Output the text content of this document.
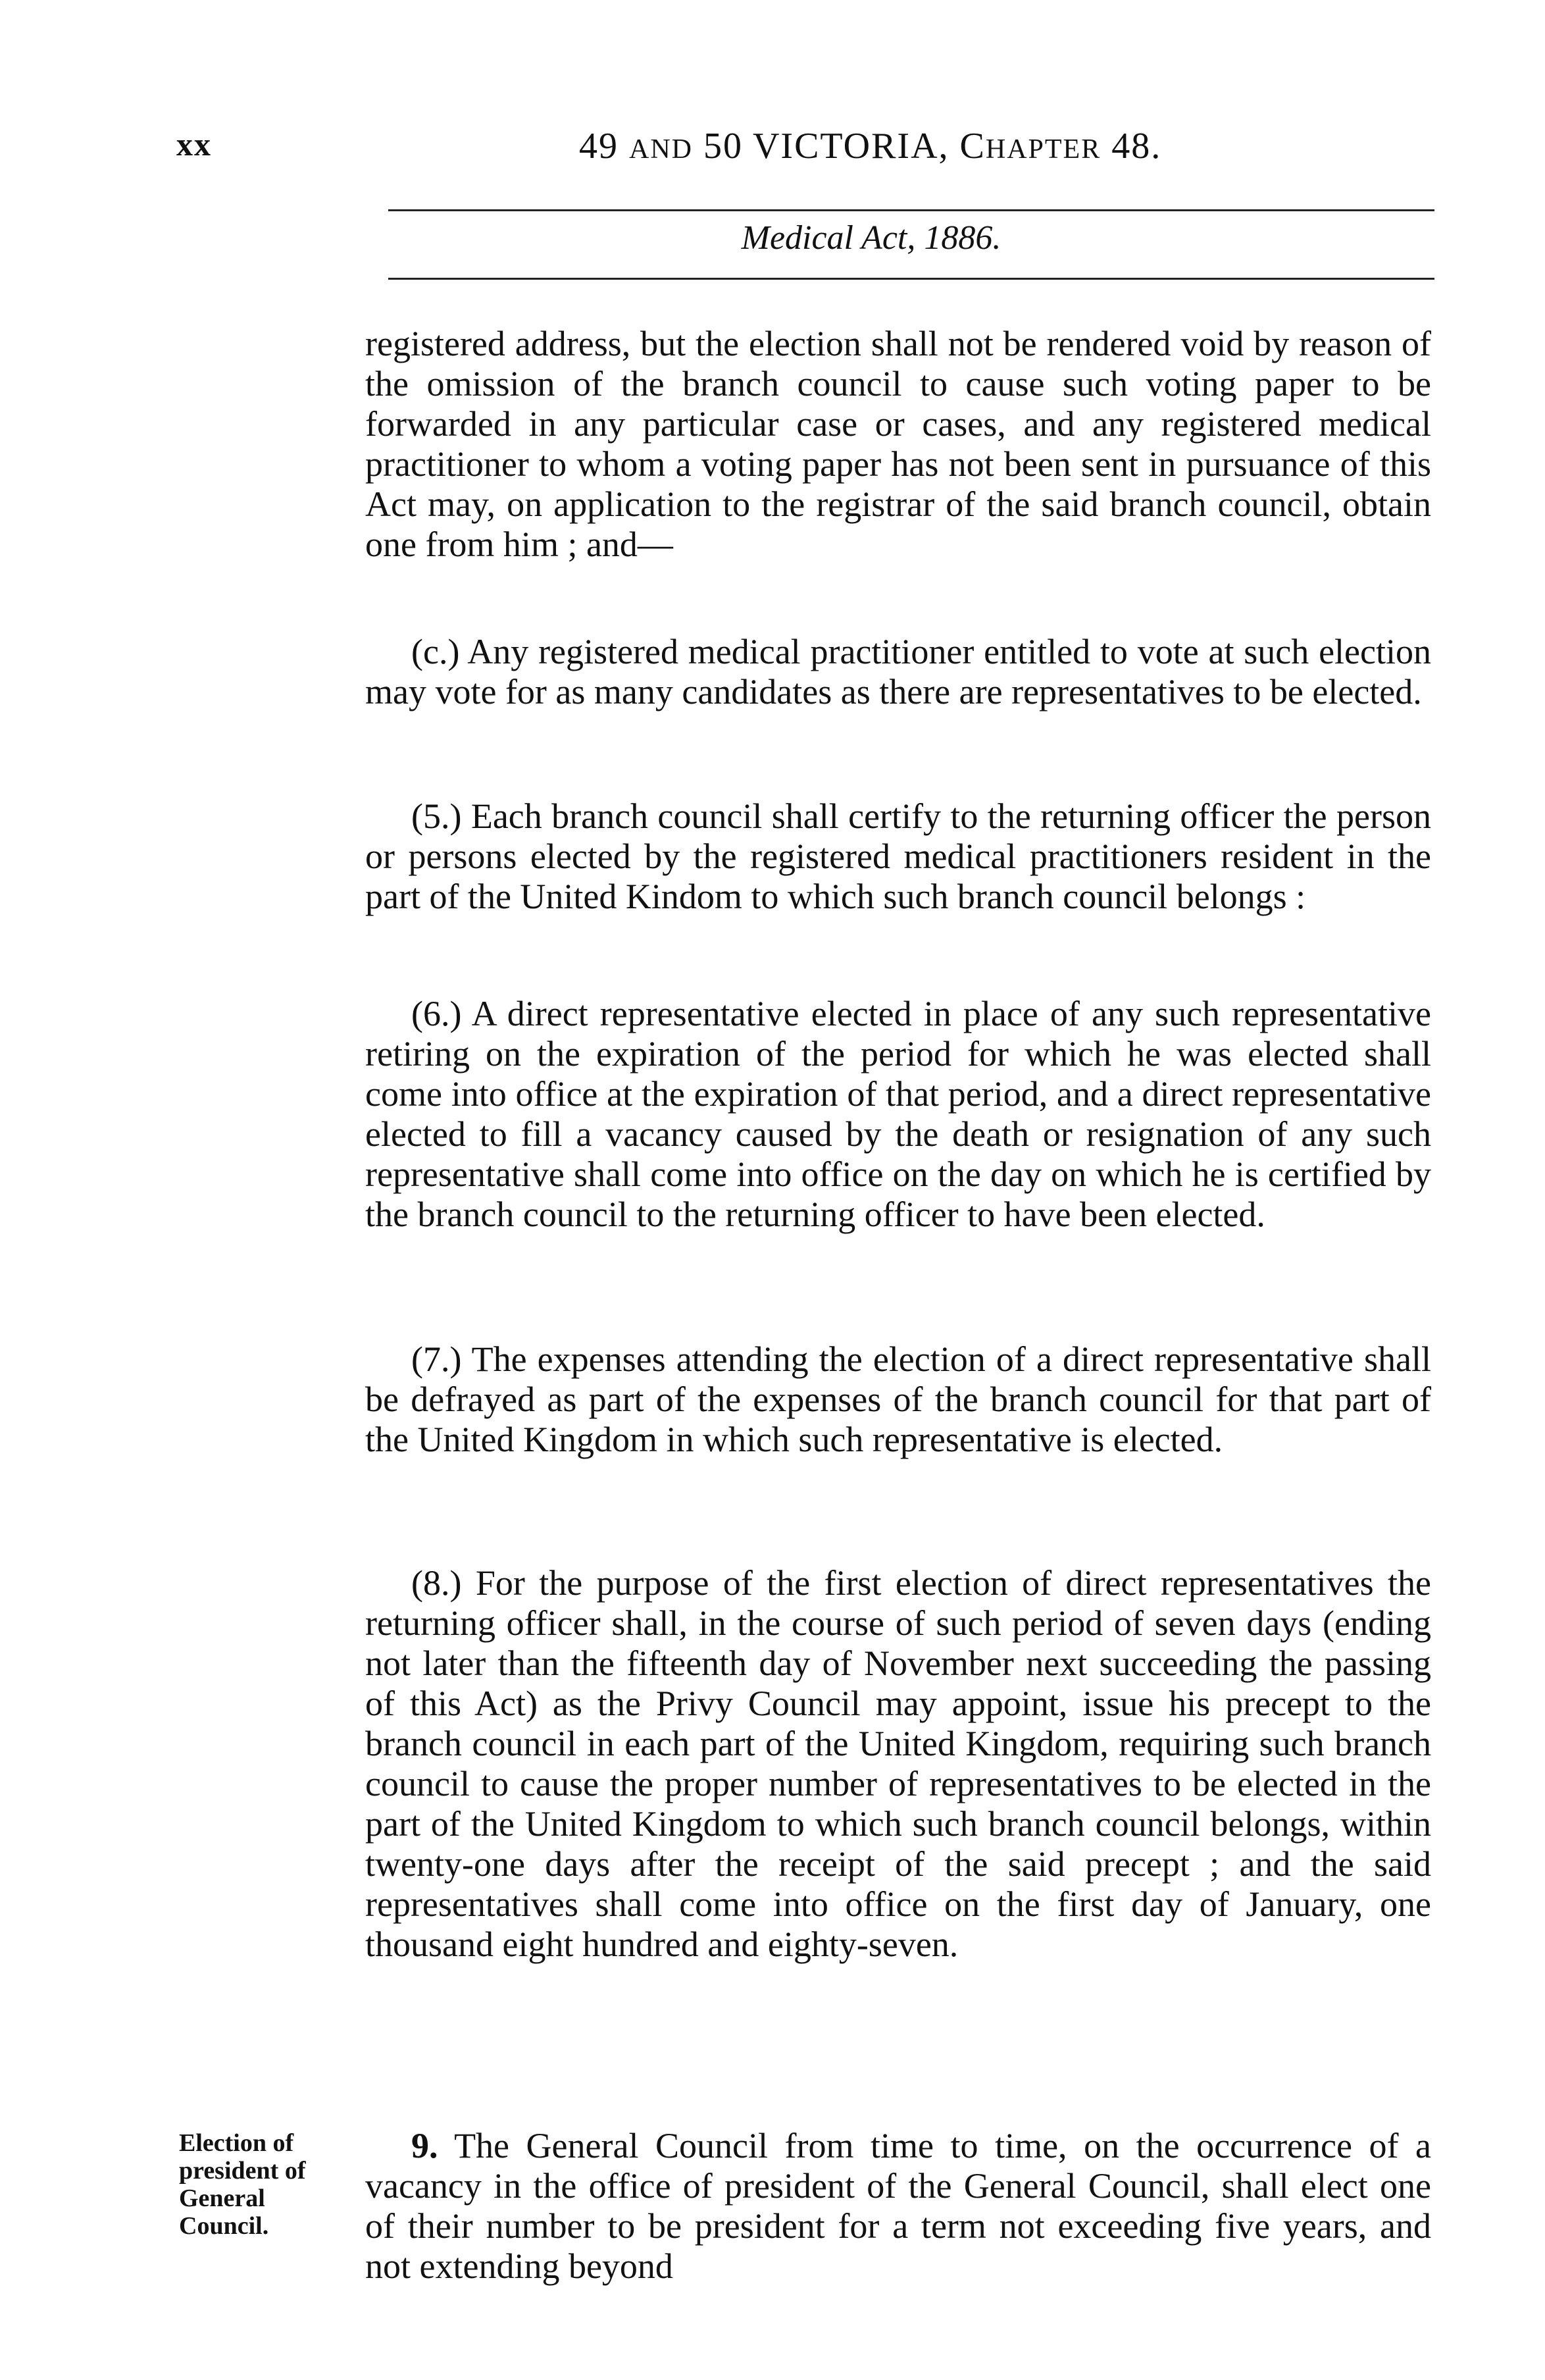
xx	49 AND 50 VICTORIA, CHAPTER 48.
Medical Act, 1886.

registered address, but the election shall not be rendered void by reason of the omission of the branch council to cause such voting paper to be forwarded in any particular case or cases, and any registered medical practitioner to whom a voting paper has not been sent in pursuance of this Act may, on application to the registrar of the said branch council, obtain one from him ; and—

(c.) Any registered medical practitioner entitled to vote at such election may vote for as many candidates as there are representatives to be elected.

(5.) Each branch council shall certify to the returning officer the person or persons elected by the registered medical practitioners resident in the part of the United Kindom to which such branch council belongs :

(6.) A direct representative elected in place of any such representative retiring on the expiration of the period for which he was elected shall come into office at the expiration of that period, and a direct representative elected to fill a vacancy caused by the death or resignation of any such representative shall come into office on the day on which he is certified by the branch council to the returning officer to have been elected.

(7.) The expenses attending the election of a direct representative shall be defrayed as part of the expenses of the branch council for that part of the United Kingdom in which such representative is elected.

(8.) For the purpose of the first election of direct representatives the returning officer shall, in the course of such period of seven days (ending not later than the fifteenth day of November next succeeding the passing of this Act) as the Privy Council may appoint, issue his precept to the branch council in each part of the United Kingdom, requiring such branch council to cause the proper number of representatives to be elected in the part of the United Kingdom to which such branch council belongs, within twenty-one days after the receipt of the said precept ; and the said representatives shall come into office on the first day of January, one thousand eight hundred and eighty-seven.

Election of
president of
General
Council.

9. The General Council from time to time, on the occurrence of a vacancy in the office of president of the General Council, shall elect one of their number to be president for a term not exceeding five years, and not extending beyond
